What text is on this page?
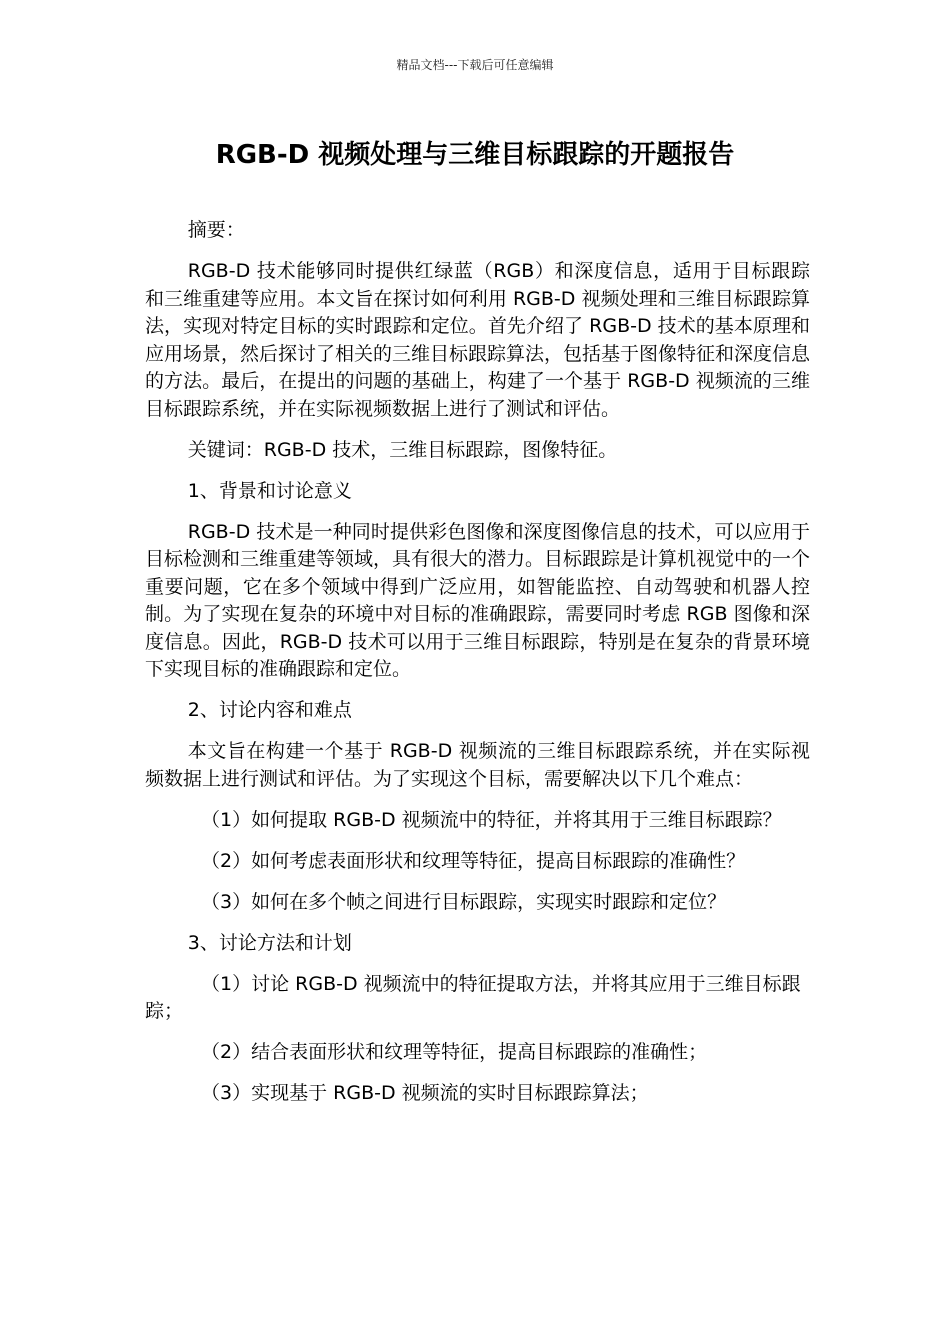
精品文档---下载后可任意编辑
RGB-D 视频处理与三维目标跟踪的开题报告

摘要：

RGB-D 技术能够同时提供红绿蓝（RGB）和深度信息，适用于目标跟踪和三维重建等应用。本文旨在探讨如何利用 RGB-D 视频处理和三维目标跟踪算法，实现对特定目标的实时跟踪和定位。首先介绍了 RGB-D 技术的基本原理和应用场景，然后探讨了相关的三维目标跟踪算法，包括基于图像特征和深度信息的方法。最后，在提出的问题的基础上，构建了一个基于 RGB-D 视频流的三维目标跟踪系统，并在实际视频数据上进行了测试和评估。

关键词：RGB-D 技术，三维目标跟踪，图像特征。

1、背景和讨论意义

RGB-D 技术是一种同时提供彩色图像和深度图像信息的技术，可以应用于目标检测和三维重建等领域，具有很大的潜力。目标跟踪是计算机视觉中的一个重要问题，它在多个领域中得到广泛应用，如智能监控、自动驾驶和机器人控制。为了实现在复杂的环境中对目标的准确跟踪，需要同时考虑 RGB 图像和深度信息。因此，RGB-D 技术可以用于三维目标跟踪，特别是在复杂的背景环境下实现目标的准确跟踪和定位。

2、讨论内容和难点

本文旨在构建一个基于 RGB-D 视频流的三维目标跟踪系统，并在实际视频数据上进行测试和评估。为了实现这个目标，需要解决以下几个难点：

（1）如何提取 RGB-D 视频流中的特征，并将其用于三维目标跟踪？

（2）如何考虑表面形状和纹理等特征，提高目标跟踪的准确性？

（3）如何在多个帧之间进行目标跟踪，实现实时跟踪和定位？

3、讨论方法和计划

（1）讨论 RGB-D 视频流中的特征提取方法，并将其应用于三维目标跟踪；

（2）结合表面形状和纹理等特征，提高目标跟踪的准确性；

（3）实现基于 RGB-D 视频流的实时目标跟踪算法；
